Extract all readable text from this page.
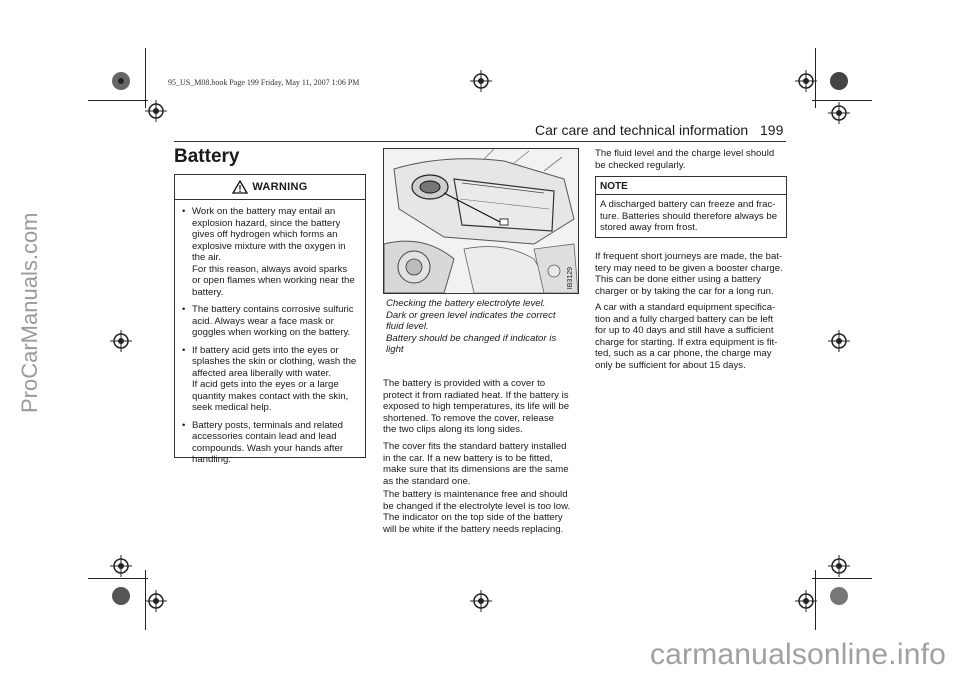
ProCarManuals.com
carmanualsonline.info
95_US_M08.book Page 199 Friday, May 11, 2007 1:06 PM
Car care and technical information 199
Battery
WARNING
• Work on the battery may entail an
explosion hazard, since the battery
gives off hydrogen which forms an
explosive mixture with the oxygen in
the air.
For this reason, always avoid sparks
or open flames when working near the
battery.
• The battery contains corrosive sulfuric
acid. Always wear a face mask or
goggles when working on the battery.
• If battery acid gets into the eyes or
splashes the skin or clothing, wash the
affected area liberally with water.
If acid gets into the eyes or a large
quantity makes contact with the skin,
seek medical help.
• Battery posts, terminals and related
accessories contain lead and lead
compounds. Wash your hands after
handling.
IB3129
Checking the battery electrolyte level.
Dark or green level indicates the correct
fluid level.
Battery should be changed if indicator is
light
The battery is provided with a cover to
protect it from radiated heat. If the battery is
exposed to high temperatures, its life will be
shortened. To remove the cover, release
the two clips along its long sides.
The cover fits the standard battery installed
in the car. If a new battery is to be fitted,
make sure that its dimensions are the same
as the standard one.
The battery is maintenance free and should
be changed if the electrolyte level is too low.
The indicator on the top side of the battery
will be white if the battery needs replacing.
The fluid level and the charge level should
be checked regularly.
NOTE
A discharged battery can freeze and frac-
ture. Batteries should therefore always be
stored away from frost.
If frequent short journeys are made, the bat-
tery may need to be given a booster charge.
This can be done either using a battery
charger or by taking the car for a long run.
A car with a standard equipment specifica-
tion and a fully charged battery can be left
for up to 40 days and still have a sufficient
charge for starting. If extra equipment is fit-
ted, such as a car phone, the charge may
only be sufficient for about 15 days.
